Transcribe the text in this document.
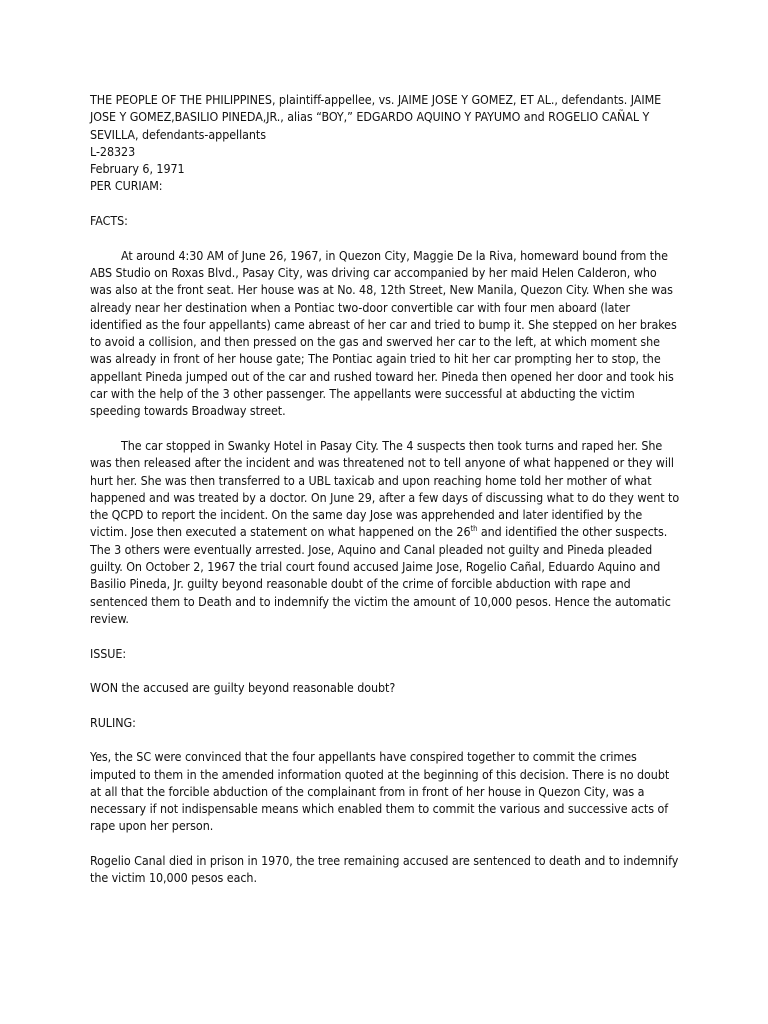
THE PEOPLE OF THE PHILIPPINES, plaintiff-appellee, vs. JAIME JOSE Y GOMEZ, ET AL., defendants. JAIME JOSE Y GOMEZ,BASILIO PINEDA,JR., alias “BOY,” EDGARDO AQUINO Y PAYUMO and ROGELIO CAÑAL Y SEVILLA, defendants-appellants

L-28323

February 6, 1971

PER CURIAM:

FACTS:

At around 4:30 AM of June 26, 1967, in Quezon City, Maggie De la Riva, homeward bound from the ABS Studio on Roxas Blvd., Pasay City, was driving car accompanied by her maid Helen Calderon, who was also at the front seat. Her house was at No. 48, 12th Street, New Manila, Quezon City. When she was already near her destination when a Pontiac two-door convertible car with four men aboard (later identified as the four appellants) came abreast of her car and tried to bump it. She stepped on her brakes to avoid a collision, and then pressed on the gas and swerved her car to the left, at which moment she was already in front of her house gate; The Pontiac again tried to hit her car prompting her to stop, the appellant Pineda jumped out of the car and rushed toward her. Pineda then opened her door and took his car with the help of the 3 other passenger. The appellants were successful at abducting the victim speeding towards Broadway street.

The car stopped in Swanky Hotel in Pasay City. The 4 suspects then took turns and raped her. She was then released after the incident and was threatened not to tell anyone of what happened or they will hurt her. She was then transferred to a UBL taxicab and upon reaching home told her mother of what happened and was treated by a doctor. On June 29, after a few days of discussing what to do they went to the QCPD to report the incident. On the same day Jose was apprehended and later identified by the victim. Jose then executed a statement on what happened on the 26th and identified the other suspects. The 3 others were eventually arrested. Jose, Aquino and Canal pleaded not guilty and Pineda pleaded guilty. On October 2, 1967 the trial court found accused Jaime Jose, Rogelio Cañal, Eduardo Aquino and Basilio Pineda, Jr. guilty beyond reasonable doubt of the crime of forcible abduction with rape and sentenced them to Death and to indemnify the victim the amount of 10,000 pesos. Hence the automatic review.

ISSUE:

WON the accused are guilty beyond reasonable doubt?

RULING:

Yes, the SC were convinced that the four appellants have conspired together to commit the crimes imputed to them in the amended information quoted at the beginning of this decision. There is no doubt at all that the forcible abduction of the complainant from in front of her house in Quezon City, was a necessary if not indispensable means which enabled them to commit the various and successive acts of rape upon her person.

Rogelio Canal died in prison in 1970, the tree remaining accused are sentenced to death and to indemnify the victim 10,000 pesos each.
